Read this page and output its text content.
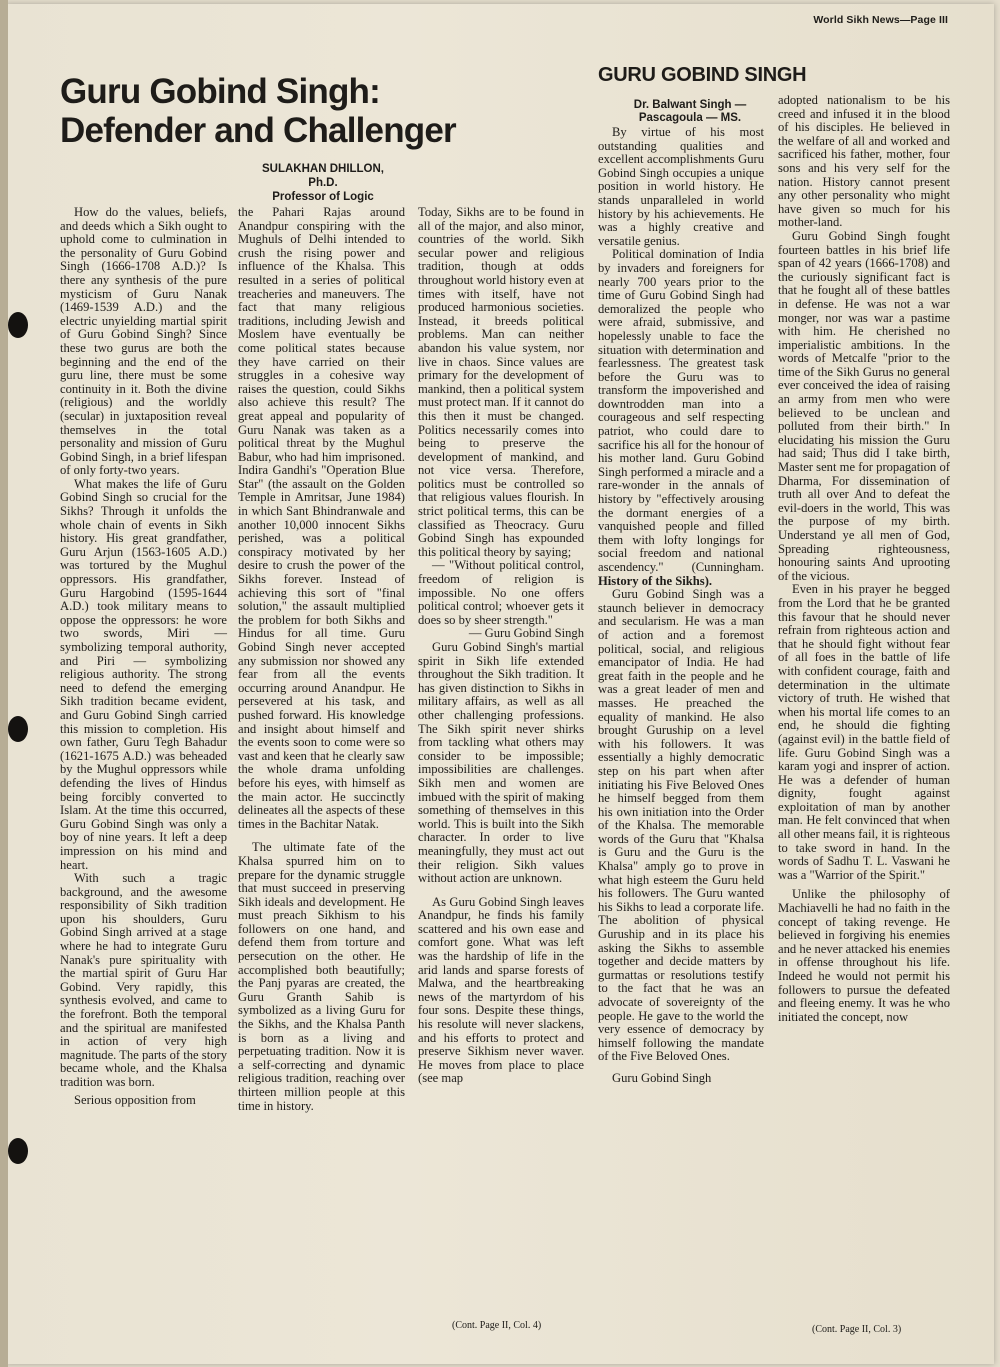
World Sikh News—Page III
Guru Gobind Singh:
Defender and Challenger
SULAKHAN DHILLON,
Ph.D.
Professor of Logic

How do the values, beliefs, and deeds which a Sikh ought to uphold come to culmination in the personality of Guru Gobind Singh (1666-1708 A.D.)? Is there any synthesis of the pure mysticism of Guru Nanak (1469-1539 A.D.) and the electric unyielding martial spirit of Guru Gobind Singh? Since these two gurus are both the beginning and the end of the guru line, there must be some continuity in it. Both the divine (religious) and the worldly (secular) in juxtaposition reveal themselves in the total personality and mission of Guru Gobind Singh, in a brief lifespan of only forty-two years.

What makes the life of Guru Gobind Singh so crucial for the Sikhs? Through it unfolds the whole chain of events in Sikh history. His great grandfather, Guru Arjun (1563-1605 A.D.) was tortured by the Mughul oppressors. His grandfather, Guru Hargobind (1595-1644 A.D.) took military means to oppose the oppressors: he wore two swords, Miri — symbolizing temporal authority, and Piri — symbolizing religious authority. The strong need to defend the emerging Sikh tradition became evident, and Guru Gobind Singh carried this mission to completion. His own father, Guru Tegh Bahadur (1621-1675 A.D.) was beheaded by the Mughul oppressors while defending the lives of Hindus being forcibly converted to Islam. At the time this occurred, Guru Gobind Singh was only a boy of nine years. It left a deep impression on his mind and heart.

With such a tragic background, and the awesome responsibility of Sikh tradition upon his shoulders, Guru Gobind Singh arrived at a stage where he had to integrate Guru Nanak's pure spirituality with the martial spirit of Guru Har Gobind. Very rapidly, this synthesis evolved, and came to the forefront. Both the temporal and the spiritual are manifested in action of very high magnitude. The parts of the story became whole, and the Khalsa tradition was born.

Serious opposition from

the Pahari Rajas around Anandpur conspiring with the Mughuls of Delhi intended to crush the rising power and influence of the Khalsa. This resulted in a series of political treacheries and maneuvers. The fact that many religious traditions, including Jewish and Moslem have eventually be come political states because they have carried on their struggles in a cohesive way raises the question, could Sikhs also achieve this result? The great appeal and popularity of Guru Nanak was taken as a political threat by the Mughul Babur, who had him imprisoned. Indira Gandhi's "Operation Blue Star" (the assault on the Golden Temple in Amritsar, June 1984) in which Sant Bhindranwale and another 10,000 innocent Sikhs perished, was a political conspiracy motivated by her desire to crush the power of the Sikhs forever. Instead of achieving this sort of "final solution," the assault multiplied the problem for both Sikhs and Hindus for all time. Guru Gobind Singh never accepted any submission nor showed any fear from all the events occurring around Anandpur. He persevered at his task, and pushed forward. His knowledge and insight about himself and the events soon to come were so vast and keen that he clearly saw the whole drama unfolding before his eyes, with himself as the main actor. He succinctly delineates all the aspects of these times in the Bachitar Natak.

The ultimate fate of the Khalsa spurred him on to prepare for the dynamic struggle that must succeed in preserving Sikh ideals and development. He must preach Sikhism to his followers on one hand, and defend them from torture and persecution on the other. He accomplished both beautifully; the Panj pyaras are created, the Guru Granth Sahib is symbolized as a living Guru for the Sikhs, and the Khalsa Panth is born as a living and perpetuating tradition. Now it is a self-correcting and dynamic religious tradition, reaching over thirteen million people at this time in history.

Today, Sikhs are to be found in all of the major, and also minor, countries of the world. Sikh secular power and religious tradition, though at odds throughout world history even at times with itself, have not produced harmonious societies. Instead, it breeds political problems. Man can neither abandon his value system, nor live in chaos. Since values are primary for the development of mankind, then a political system must protect man. If it cannot do this then it must be changed. Politics necessarily comes into being to preserve the development of mankind, and not vice versa. Therefore, politics must be controlled so that religious values flourish. In strict political terms, this can be classified as Theocracy. Guru Gobind Singh has expounded this political theory by saying;

— "Without political control, freedom of religion is impossible. No one offers political control; whoever gets it does so by sheer strength."

— Guru Gobind Singh

Guru Gobind Singh's martial spirit in Sikh life extended throughout the Sikh tradition. It has given distinction to Sikhs in military affairs, as well as all other challenging professions. The Sikh spirit never shirks from tackling what others may consider to be impossible; impossibilities are challenges. Sikh men and women are imbued with the spirit of making something of themselves in this world. This is built into the Sikh character. In order to live meaningfully, they must act out their religion. Sikh values without action are unknown.

As Guru Gobind Singh leaves Anandpur, he finds his family scattered and his own ease and comfort gone. What was left was the hardship of life in the arid lands and sparse forests of Malwa, and the heartbreaking news of the martyrdom of his four sons. Despite these things, his resolute will never slackens, and his efforts to protect and preserve Sikhism never waver. He moves from place to place (see map

(Cont. Page II, Col. 4)
GURU GOBIND SINGH
Dr. Balwant Singh —
Pascagoula — MS.

By virtue of his most outstanding qualities and excellent accomplishments Guru Gobind Singh occupies a unique position in world history. He stands unparalleled in world history by his achievements. He was a highly creative and versatile genius.

Political domination of India by invaders and foreigners for nearly 700 years prior to the time of Guru Gobind Singh had demoralized the people who were afraid, submissive, and hopelessly unable to face the situation with determination and fearlessness. The greatest task before the Guru was to transform the impoverished and downtrodden man into a courageous and self respecting patriot, who could dare to sacrifice his all for the honour of his mother land. Guru Gobind Singh performed a miracle and a rare-wonder in the annals of history by "effectively arousing the dormant energies of a vanquished people and filled them with lofty longings for social freedom and national ascendency." (Cunningham. History of the Sikhs).

Guru Gobind Singh was a staunch believer in democracy and secularism. He was a man of action and a foremost political, social, and religious emancipator of India. He had great faith in the people and he was a great leader of men and masses. He preached the equality of mankind. He also brought Guruship on a level with his followers. It was essentially a highly democratic step on his part when after initiating his Five Beloved Ones he himself begged from them his own initiation into the Order of the Khalsa. The memorable words of the Guru that "Khalsa is Guru and the Guru is the Khalsa" amply go to prove in what high esteem the Guru held his followers. The Guru wanted his Sikhs to lead a corporate life. The abolition of physical Guruship and in its place his asking the Sikhs to assemble together and decide matters by gurmattas or resolutions testify to the fact that he was an advocate of sovereignty of the people. He gave to the world the very essence of democracy by himself following the mandate of the Five Beloved Ones.

Guru Gobind Singh

adopted nationalism to be his creed and infused it in the blood of his disciples. He believed in the welfare of all and worked and sacrificed his father, mother, four sons and his very self for the nation. History cannot present any other personality who might have given so much for his mother-land.

Guru Gobind Singh fought fourteen battles in his brief life span of 42 years (1666-1708) and the curiously significant fact is that he fought all of these battles in defense. He was not a war monger, nor was war a pastime with him. He cherished no imperialistic ambitions. In the words of Metcalfe "prior to the time of the Sikh Gurus no general ever conceived the idea of raising an army from men who were believed to be unclean and polluted from their birth." In elucidating his mission the Guru had said; Thus did I take birth, Master sent me for propagation of Dharma, For dissemination of truth all over And to defeat the evil-doers in the world, This was the purpose of my birth. Understand ye all men of God, Spreading righteousness, honouring saints And uprooting of the vicious.

Even in his prayer he begged from the Lord that he be granted this favour that he should never refrain from righteous action and that he should fight without fear of all foes in the battle of life with confident courage, faith and determination in the ultimate victory of truth. He wished that when his mortal life comes to an end, he should die fighting (against evil) in the battle field of life. Guru Gobind Singh was a karam yogi and insprer of action. He was a defender of human dignity, fought against exploitation of man by another man. He felt convinced that when all other means fail, it is righteous to take sword in hand. In the words of Sadhu T. L. Vaswani he was a "Warrior of the Spirit."

Unlike the philosophy of Machiavelli he had no faith in the concept of taking revenge. He believed in forgiving his enemies and he never attacked his enemies in offense throughout his life. Indeed he would not permit his followers to pursue the defeated and fleeing enemy. It was he who initiated the concept, now

(Cont. Page II, Col. 3)
